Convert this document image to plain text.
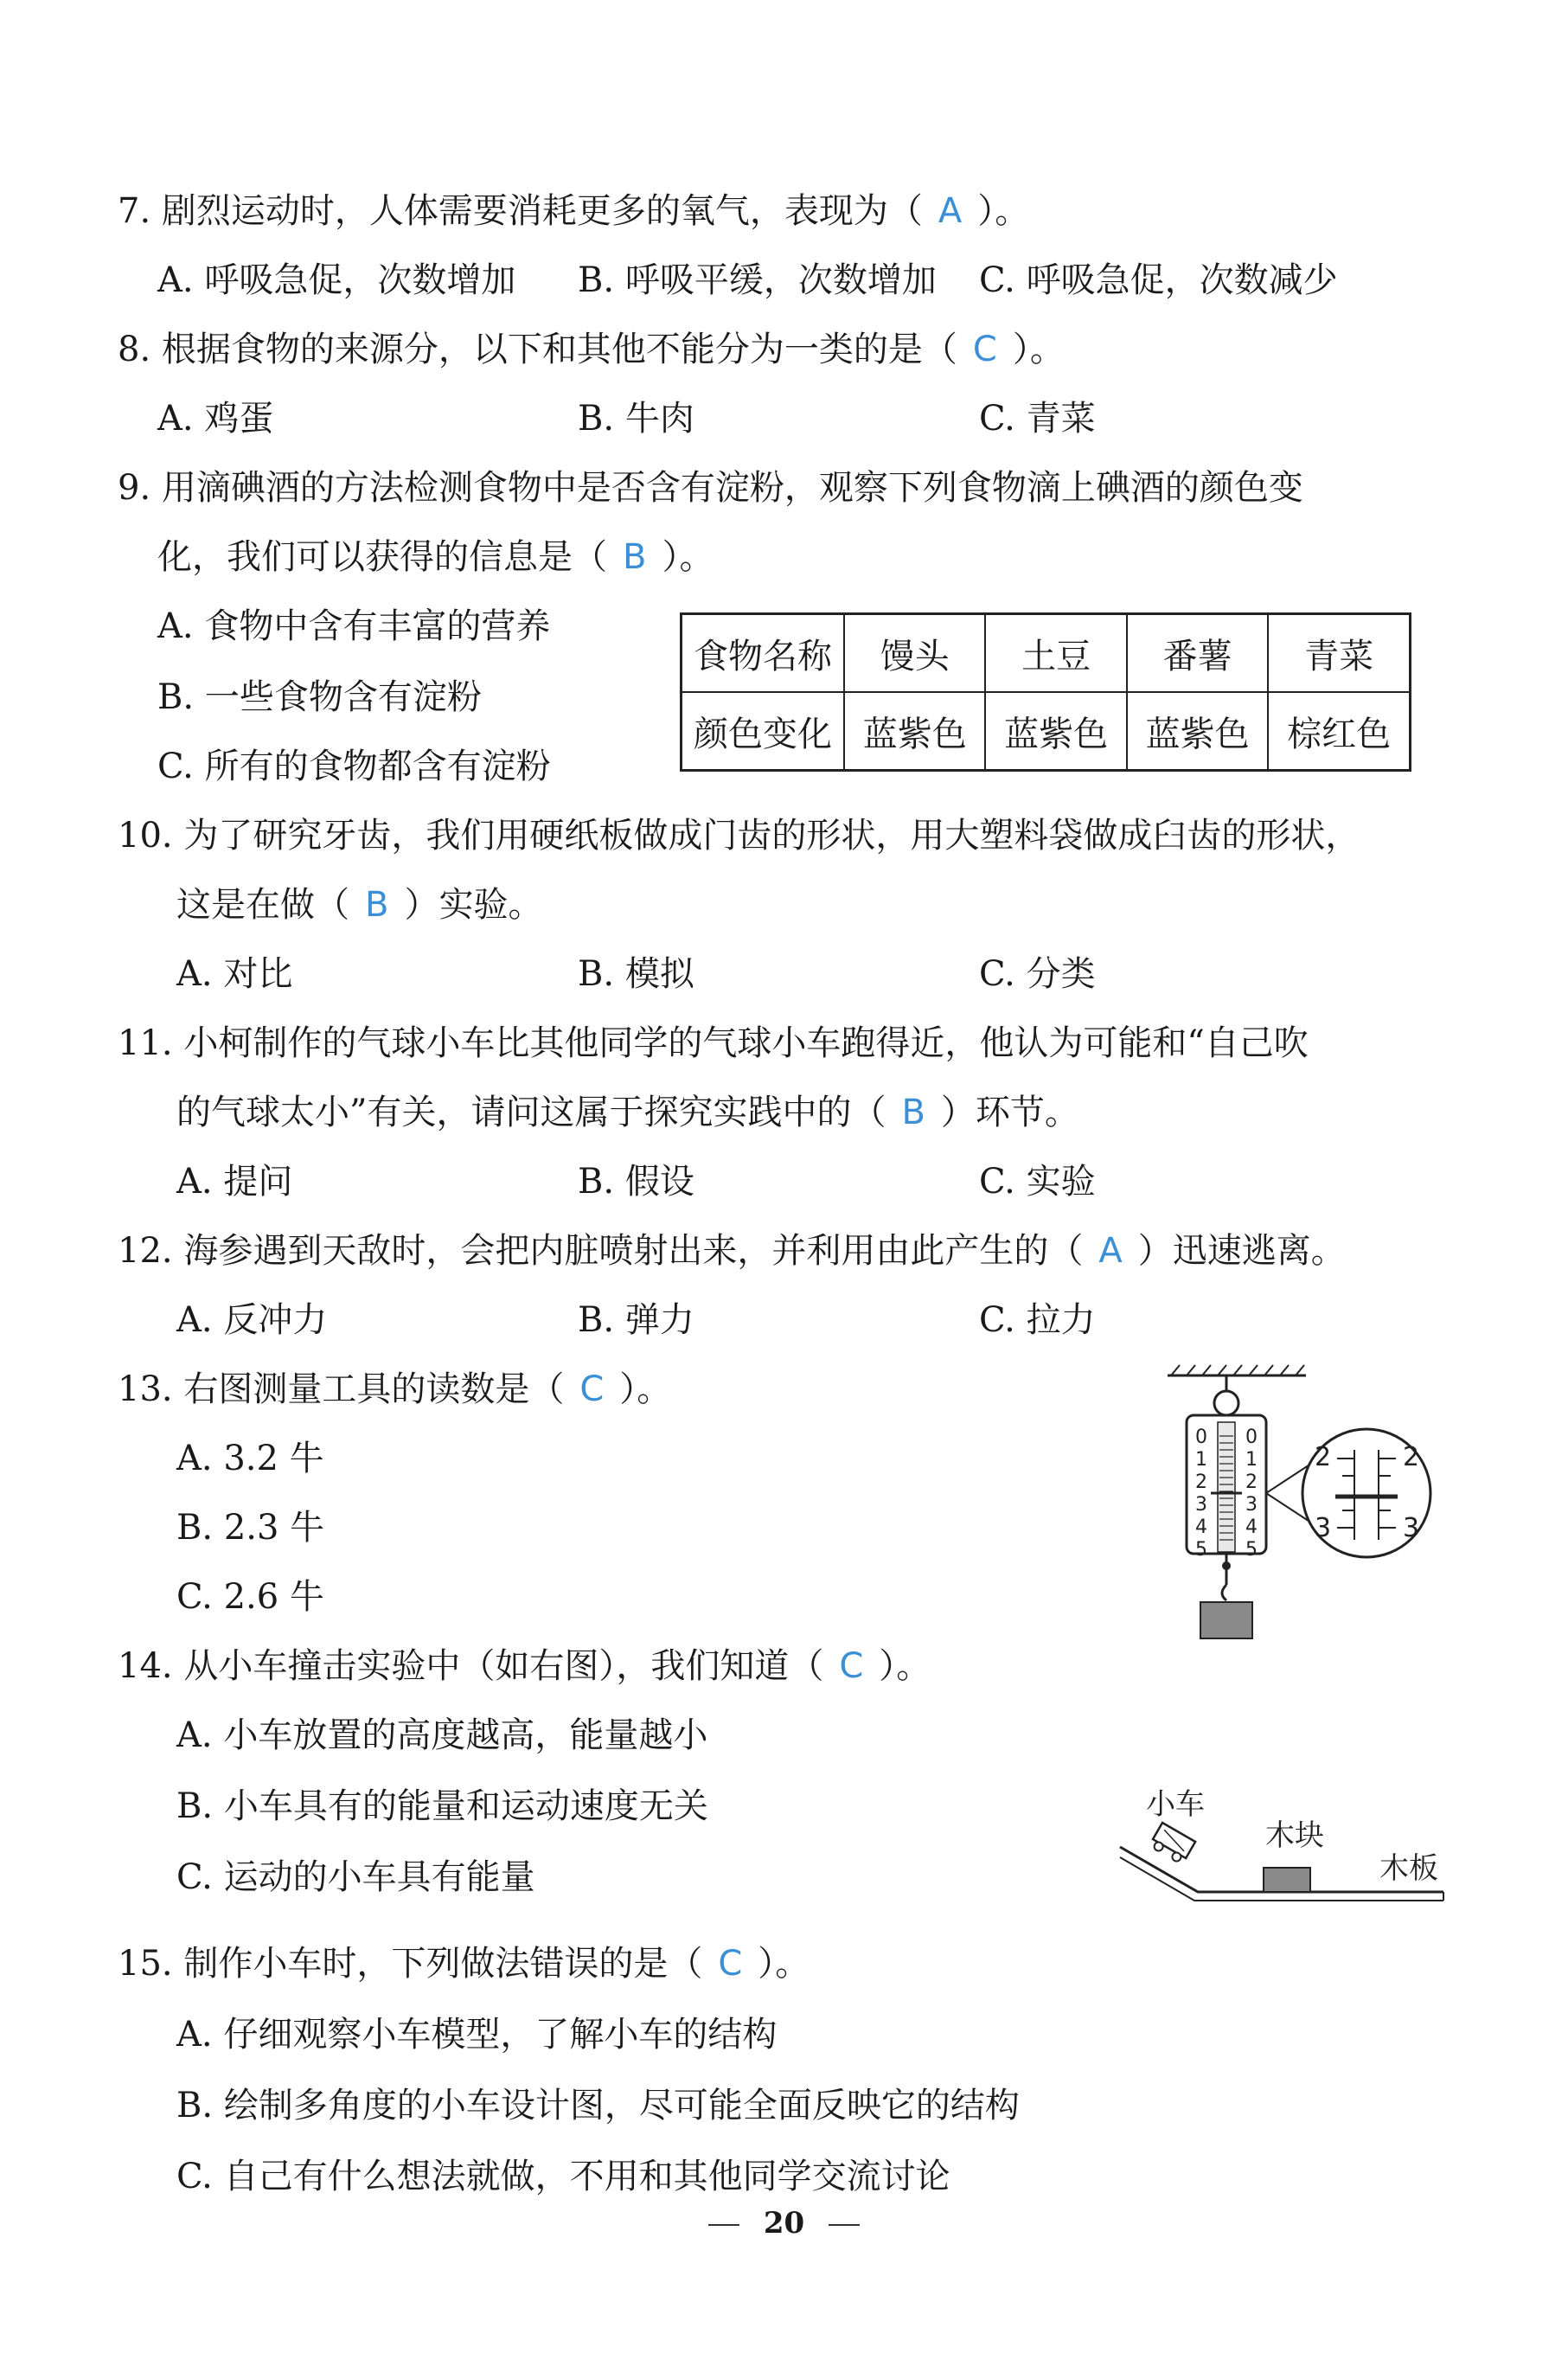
7. 剧烈运动时，人体需要消耗更多的氧气，表现为（ A ）。
A. 呼吸急促，次数增加 B. 呼吸平缓，次数增加 C. 呼吸急促，次数减少
8. 根据食物的来源分，以下和其他不能分为一类的是（ C ）。
A. 鸡蛋	B. 牛肉	C. 青菜
9. 用滴碘酒的方法检测食物中是否含有淀粉，观察下列食物滴上碘酒的颜色变
化，我们可以获得的信息是（ B ）。
A. 食物中含有丰富的营养
B. 一些食物含有淀粉
C. 所有的食物都含有淀粉
食物名称	馒头	土豆	番薯	青菜
颜色变化	蓝紫色	蓝紫色	蓝紫色	棕红色
10. 为了研究牙齿，我们用硬纸板做成门齿的形状，用大塑料袋做成臼齿的形状，
这是在做（ B ）实验。
A. 对比	B. 模拟	C. 分类
11. 小柯制作的气球小车比其他同学的气球小车跑得近，他认为可能和“自己吹
的气球太小”有关，请问这属于探究实践中的（ B ）环节。
A. 提问	B. 假设	C. 实验
12. 海参遇到天敌时，会把内脏喷射出来，并利用由此产生的（ A ）迅速逃离。
A. 反冲力	B. 弹力	C. 拉力
13. 右图测量工具的读数是（ C ）。
A. 3.2 牛
B. 2.3 牛
C. 2.6 牛
0
1
2
3
4
5
0
1
2
3
4
5
2	2
3	3
14. 从小车撞击实验中（如右图），我们知道（ C ）。
A. 小车放置的高度越高，能量越小
B. 小车具有的能量和运动速度无关
C. 运动的小车具有能量
小车
木块
木板
15. 制作小车时，下列做法错误的是（ C ）。
A. 仔细观察小车模型，了解小车的结构
B. 绘制多角度的小车设计图，尽可能全面反映它的结构
C. 自己有什么想法就做，不用和其他同学交流讨论
20
